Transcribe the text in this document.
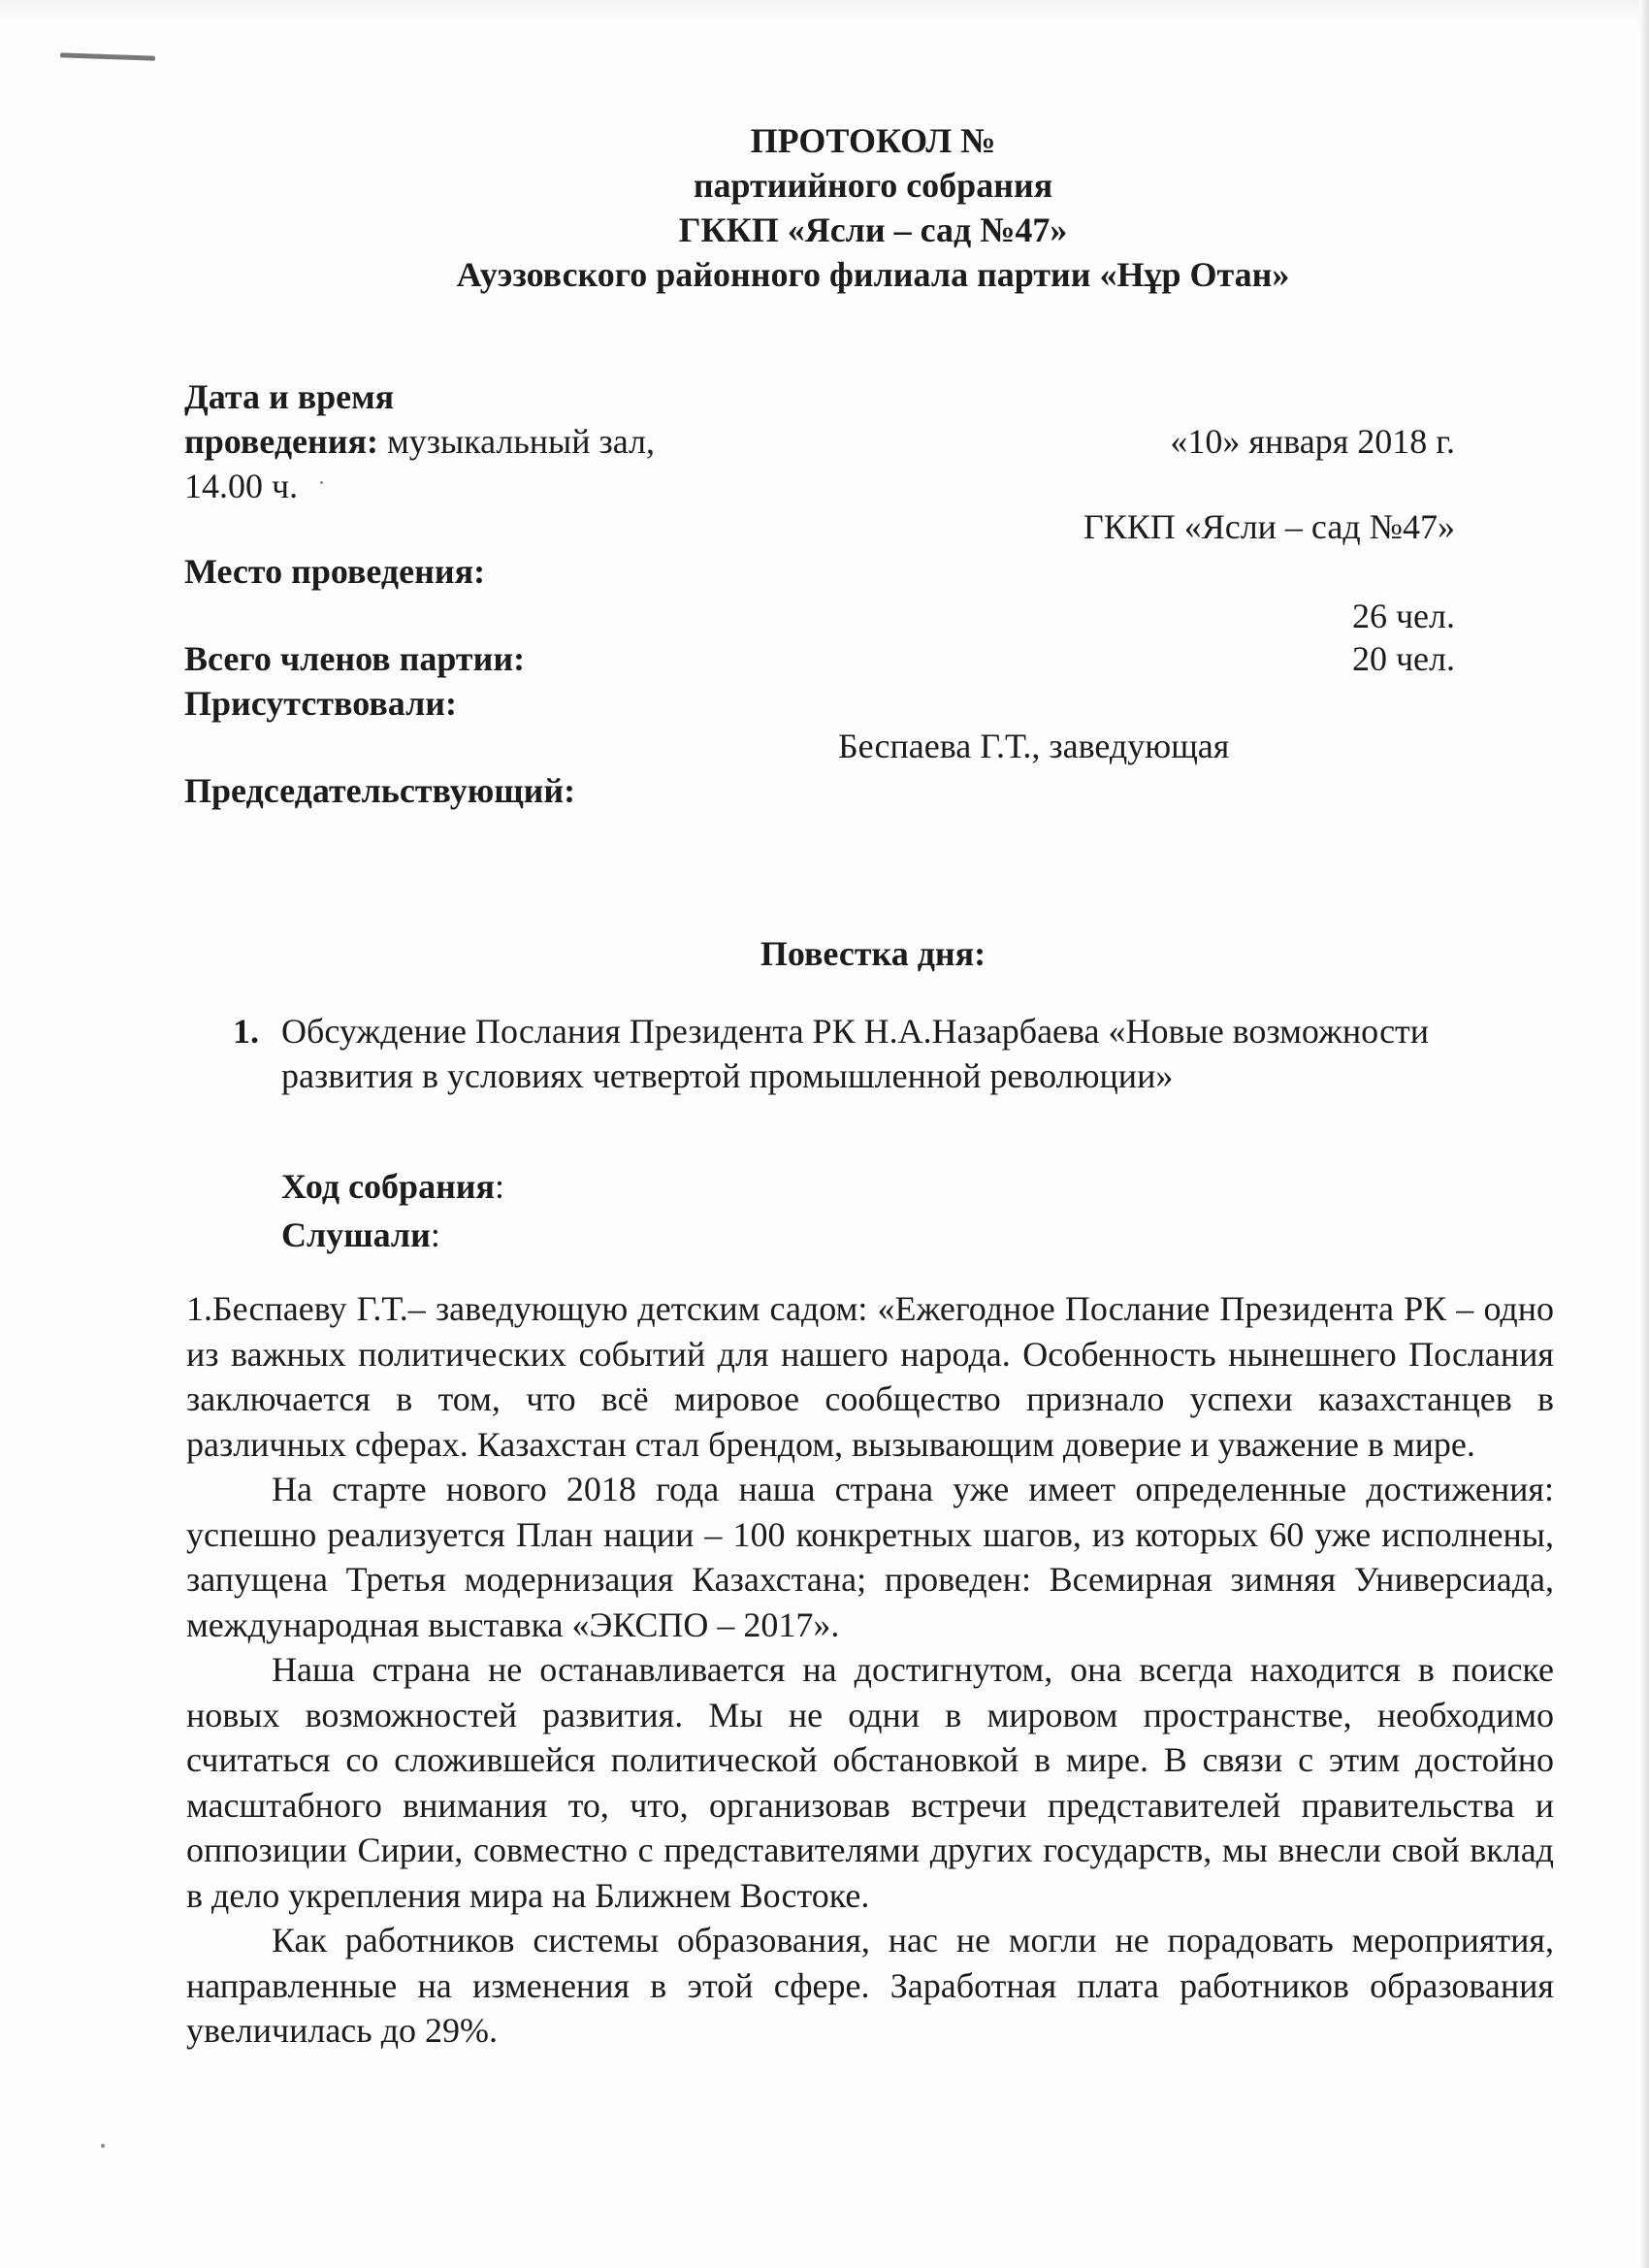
ПРОТОКОЛ №
партиийного собрания
ГККП «Ясли – сад №47»
Ауэзовского районного филиала партии «Нұр Отан»
Дата и время
проведения: музыкальный зал,
14.00 ч.
«10» января 2018 г.
ГККП «Ясли – сад №47»
Место проведения:
26 чел.
Всего членов партии:	20 чел.
Присутствовали:
Беспаева Г.Т., заведующая
Председательствующий:
Повестка дня:
1. Обсуждение Послания Президента РК Н.А.Назарбаева «Новые возможности развития в условиях четвертой промышленной революции»
Ход собрания:
Слушали:

1.Беспаеву Г.Т.– заведующую детским садом: «Ежегодное Послание Президента РК – одно из важных политических событий для нашего народа. Особенность нынешнего Послания заключается в том, что всё мировое сообщество признало успехи казахстанцев в различных сферах. Казахстан стал брендом, вызывающим доверие и уважение в мире.

На старте нового 2018 года наша страна уже имеет определенные достижения: успешно реализуется План нации – 100 конкретных шагов, из которых 60 уже исполнены, запущена Третья модернизация Казахстана; проведен: Всемирная зимняя Универсиада, международная выставка «ЭКСПО – 2017».

Наша страна не останавливается на достигнутом, она всегда находится в поиске новых возможностей развития. Мы не одни в мировом пространстве, необходимо считаться со сложившейся политической обстановкой в мире. В связи с этим достойно масштабного внимания то, что, организовав встречи представителей правительства и оппозиции Сирии, совместно с представителями других государств, мы внесли свой вклад в дело укрепления мира на Ближнем Востоке.

Как работников системы образования, нас не могли не порадовать мероприятия, направленные на изменения в этой сфере. Заработная плата работников образования увеличилась до 29%.
